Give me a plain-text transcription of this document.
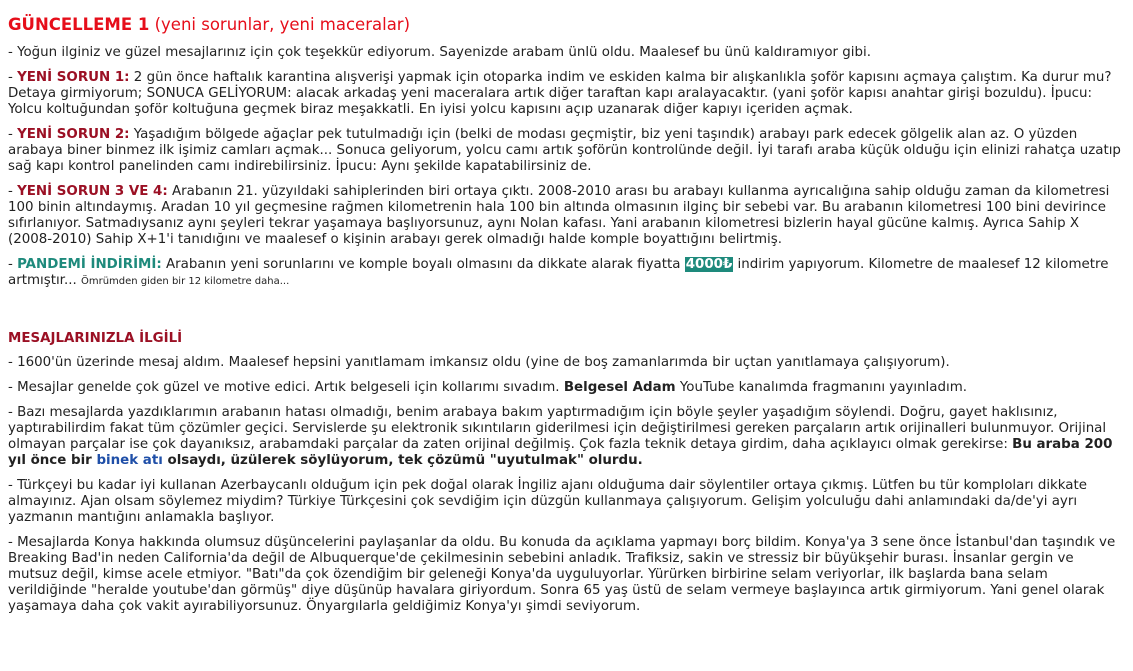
GÜNCELLEME 1 (yeni sorunlar, yeni maceralar)

- Yoğun ilginiz ve güzel mesajlarınız için çok teşekkür ediyorum. Sayenizde arabam ünlü oldu. Maalesef bu ünü kaldıramıyor gibi.

- YENİ SORUN 1: 2 gün önce haftalık karantina alışverişi yapmak için otoparka indim ve eskiden kalma bir alışkanlıkla şoför kapısını açmaya çalıştım. Ka durur mu? Detaya girmiyorum; SONUCA GELİYORUM: alacak arkadaş yeni maceralara artık diğer taraftan kapı aralayacaktır. (yani şoför kapısı anahtar girişi bozuldu). İpucu: Yolcu koltuğundan şoför koltuğuna geçmek biraz meşakkatli. En iyisi yolcu kapısını açıp uzanarak diğer kapıyı içeriden açmak.

- YENİ SORUN 2: Yaşadığım bölgede ağaçlar pek tutulmadığı için (belki de modası geçmiştir, biz yeni taşındık) arabayı park edecek gölgelik alan az. O yüzden arabaya biner binmez ilk işimiz camları açmak... Sonuca geliyorum, yolcu camı artık şoförün kontrolünde değil. İyi tarafı araba küçük olduğu için elinizi rahatça uzatıp sağ kapı kontrol panelinden camı indirebilirsiniz. İpucu: Aynı şekilde kapatabilirsiniz de.

- YENİ SORUN 3 VE 4: Arabanın 21. yüzyıldaki sahiplerinden biri ortaya çıktı. 2008-2010 arası bu arabayı kullanma ayrıcalığına sahip olduğu zaman da kilometresi 100 binin altındaymış. Aradan 10 yıl geçmesine rağmen kilometrenin hala 100 bin altında olmasının ilginç bir sebebi var. Bu arabanın kilometresi 100 bini devirince sıfırlanıyor. Satmadıysanız aynı şeyleri tekrar yaşamaya başlıyorsunuz, aynı Nolan kafası. Yani arabanın kilometresi bizlerin hayal gücüne kalmış. Ayrıca Sahip X (2008-2010) Sahip X+1'i tanıdığını ve maalesef o kişinin arabayı gerek olmadığı halde komple boyattığını belirtmiş.

- PANDEMİ İNDİRİMİ: Arabanın yeni sorunlarını ve komple boyalı olmasını da dikkate alarak fiyatta 4000₺ indirim yapıyorum. Kilometre de maalesef 12 kilometre artmıştır... Ömrümden giden bir 12 kilometre daha...

MESAJLARINIZLA İLGİLİ

- 1600'ün üzerinde mesaj aldım. Maalesef hepsini yanıtlamam imkansız oldu (yine de boş zamanlarımda bir uçtan yanıtlamaya çalışıyorum).

- Mesajlar genelde çok güzel ve motive edici. Artık belgeseli için kollarımı sıvadım. Belgesel Adam YouTube kanalımda fragmanını yayınladım.

- Bazı mesajlarda yazdıklarımın arabanın hatası olmadığı, benim arabaya bakım yaptırmadığım için böyle şeyler yaşadığım söylendi. Doğru, gayet haklısınız, yaptırabilirdim fakat tüm çözümler geçici. Servislerde şu elektronik sıkıntıların giderilmesi için değiştirilmesi gereken parçaların artık orijinalleri bulunmuyor. Orijinal olmayan parçalar ise çok dayanıksız, arabamdaki parçalar da zaten orijinal değilmiş. Çok fazla teknik detaya girdim, daha açıklayıcı olmak gerekirse: Bu araba 200 yıl önce bir binek atı olsaydı, üzülerek söylüyorum, tek çözümü "uyutulmak" olurdu.

- Türkçeyi bu kadar iyi kullanan Azerbaycanlı olduğum için pek doğal olarak İngiliz ajanı olduğuma dair söylentiler ortaya çıkmış. Lütfen bu tür komploları dikkate almayınız. Ajan olsam söylemez miydim? Türkiye Türkçesini çok sevdiğim için düzgün kullanmaya çalışıyorum. Gelişim yolculuğu dahi anlamındaki da/de'yi ayrı yazmanın mantığını anlamakla başlıyor.

- Mesajlarda Konya hakkında olumsuz düşüncelerini paylaşanlar da oldu. Bu konuda da açıklama yapmayı borç bildim. Konya'ya 3 sene önce İstanbul'dan taşındık ve Breaking Bad'in neden California'da değil de Albuquerque'de çekilmesinin sebebini anladık. Trafiksiz, sakin ve stressiz bir büyükşehir burası. İnsanlar gergin ve mutsuz değil, kimse acele etmiyor. "Batı"da çok özendiğim bir geleneği Konya'da uyguluyorlar. Yürürken birbirine selam veriyorlar, ilk başlarda bana selam verildiğinde "heralde youtube'dan görmüş" diye düşünüp havalara giriyordum. Sonra 65 yaş üstü de selam vermeye başlayınca artık girmiyorum. Yani genel olarak yaşamaya daha çok vakit ayırabiliyorsunuz. Önyargılarla geldiğimiz Konya'yı şimdi seviyorum.
